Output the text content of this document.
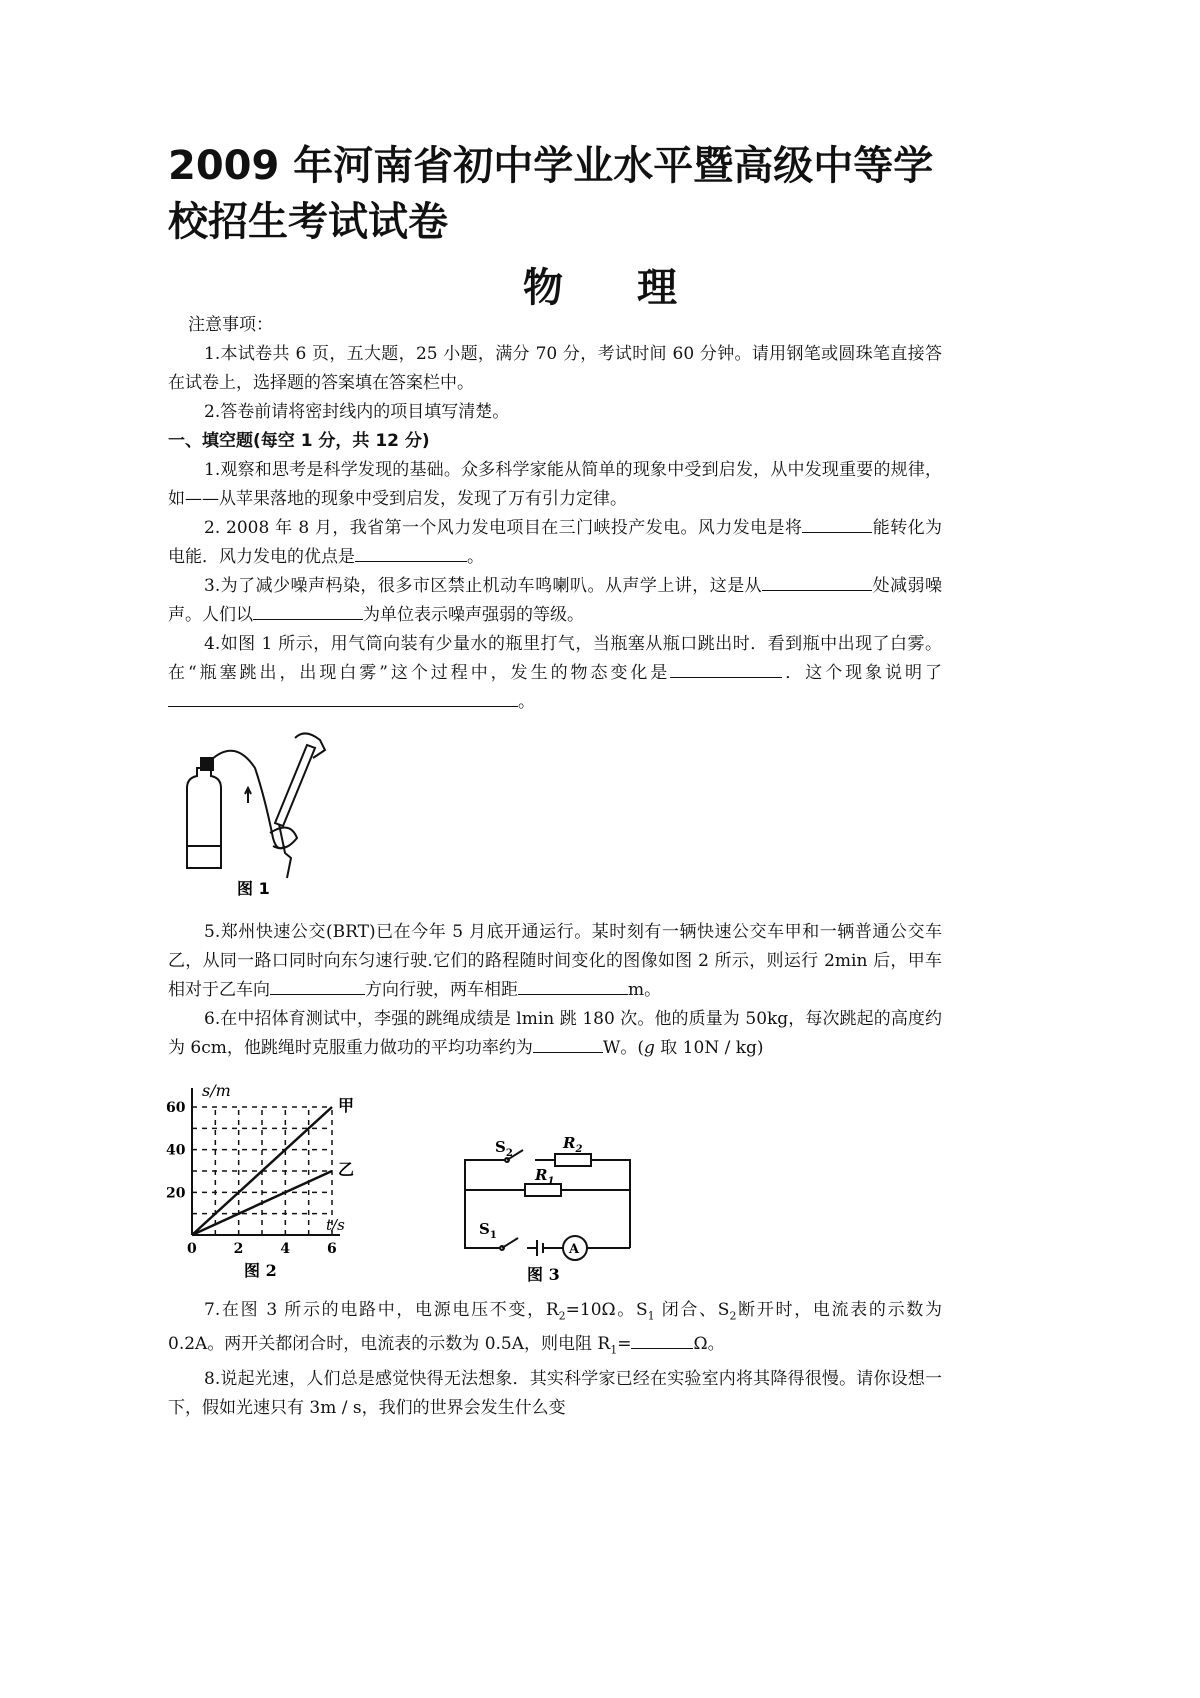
2009 年河南省初中学业水平暨高级中等学
校招生考试试卷
物 理

注意事项：

1.本试卷共 6 页，五大题，25 小题，满分 70 分，考试时间 60 分钟。请用钢笔或圆珠笔直接答在试卷上，选择题的答案填在答案栏中。

2.答卷前请将密封线内的项目填写清楚。

一、填空题(每空 1 分，共 12 分)

1.观察和思考是科学发现的基础。众多科学家能从简单的现象中受到启发，从中发现重要的规律，如——从苹果落地的现象中受到启发，发现了万有引力定律。

2. 2008 年 8 月，我省第一个风力发电项目在三门峡投产发电。风力发电是将	能转化为电能．风力发电的优点是	。

3.为了减少噪声杩染，很多市区禁止机动车鸣喇叭。从声学上讲，这是从	处减弱噪声。人们以	为单位表示噪声强弱的等级。

4.如图 1 所示，用气筒向装有少量水的瓶里打气，当瓶塞从瓶口跳出时．看到瓶中出现了白雾。在“瓶塞跳出，出现白雾”这个过程中，发生的物态变化是	．这个现象说明了。

图 1

5.郑州快速公交(BRT)已在今年 5 月底开通运行。某时刻有一辆快速公交车甲和一辆普通公交车乙，从同一路口同时向东匀速行驶.它们的路程随时间变化的图像如图 2 所示，则运行 2min 后，甲车相对于乙车向	方向行驶，两车相距	m。

6.在中招体育测试中，李强的跳绳成绩是 lmin 跳 180 次。他的质量为 50kg，每次跳起的高度约为 6cm，他跳绳时克服重力做功的平均功率约为	W。(g 取 10N / kg)

s/m
t/s
0	2	4	6
20
40
60	甲
乙
图 2
$S_2$
$R_2$
$R_1$
$S_1$
A
图 3

7.在图 3 所示的电路中，电源电压不变，$R_2=10\Omega$。$S_1$ 闭合、$S_2$断开时，电流表的示数为 0.2A。两开关都闭合时，电流表的示数为 0.5A，则电阻 $R_1=$	Ω。

8.说起光速，人们总是感觉快得无法想象．其实科学家已经在实验室内将其降得很慢。请你设想一下，假如光速只有 3m / s，我们的世界会发生什么变
